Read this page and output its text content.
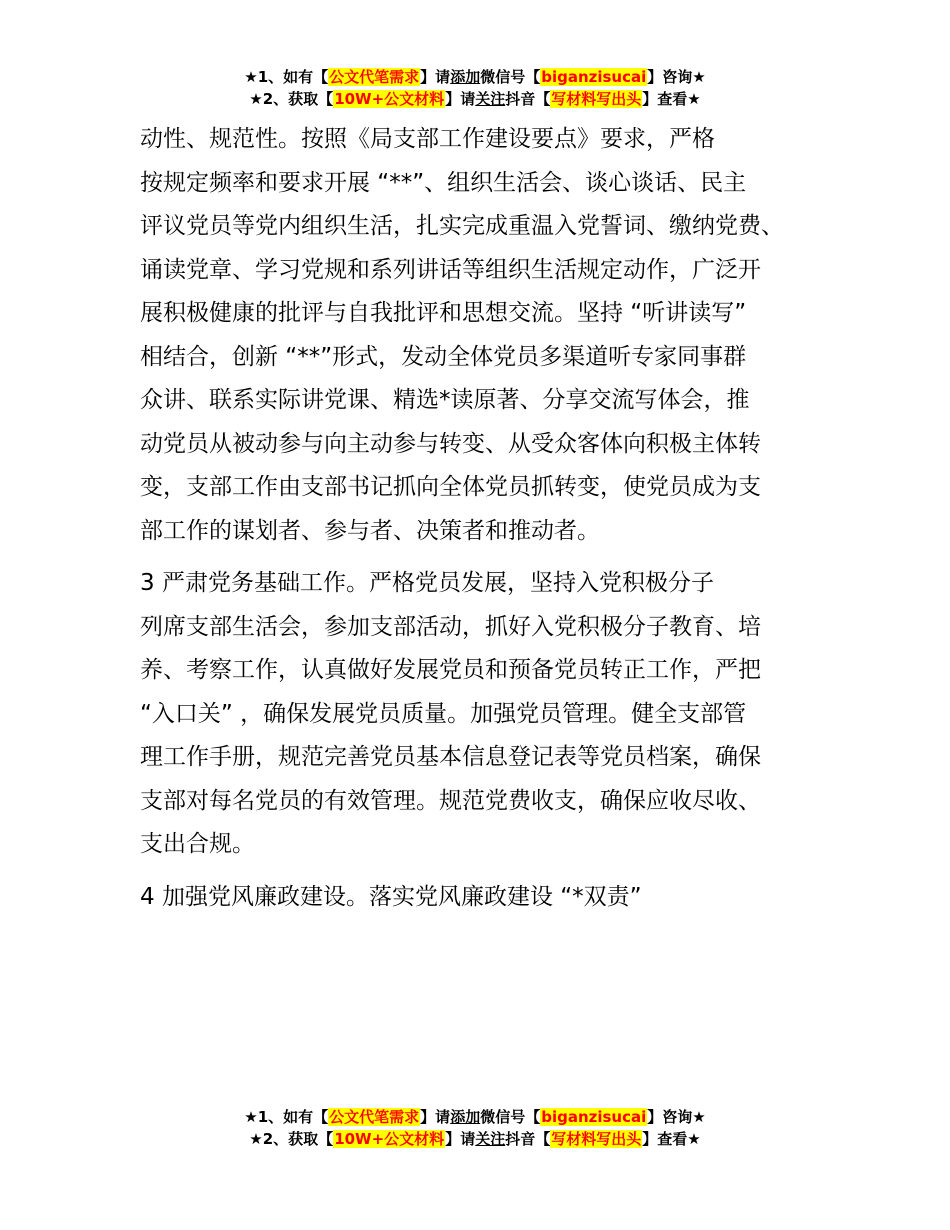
★1、如有【公文代笔需求】请添加微信号【biganzisucai】咨询★
★2、获取【10W+公文材料】请关注抖音【写材料写出头】查看★
动性、规范性。按照《局支部工作建设要点》要求，严格
按规定频率和要求开展 “**”、组织生活会、谈心谈话、民主
评议党员等党内组织生活，扎实完成重温入党誓词、缴纳党费、
诵读党章、学习党规和系列讲话等组织生活规定动作，广泛开
展积极健康的批评与自我批评和思想交流。坚持 “听讲读写”
相结合，创新 “**”形式，发动全体党员多渠道听专家同事群
众讲、联系实际讲党课、精选*读原著、分享交流写体会，推
动党员从被动参与向主动参与转变、从受众客体向积极主体转
变，支部工作由支部书记抓向全体党员抓转变，使党员成为支
部工作的谋划者、参与者、决策者和推动者。
3 严肃党务基础工作。严格党员发展，坚持入党积极分子
列席支部生活会，参加支部活动，抓好入党积极分子教育、培
养、考察工作，认真做好发展党员和预备党员转正工作，严把
“入口关” ，确保发展党员质量。加强党员管理。健全支部管
理工作手册，规范完善党员基本信息登记表等党员档案，确保
支部对每名党员的有效管理。规范党费收支，确保应收尽收、
支出合规。
4 加强党风廉政建设。落实党风廉政建设 “*双责”
★1、如有【公文代笔需求】请添加微信号【biganzisucai】咨询★
★2、获取【10W+公文材料】请关注抖音【写材料写出头】查看★
